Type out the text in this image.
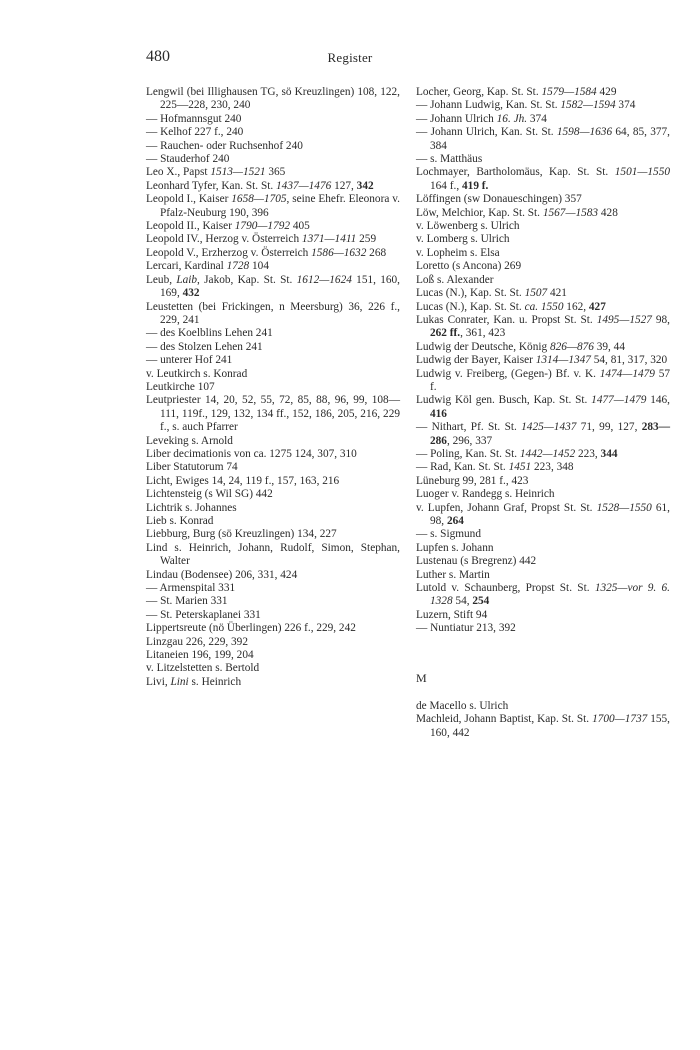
480	Register

Lengwil (bei Illighausen TG, sö Kreuzlingen) 108, 122, 225—228, 230, 240

— Hofmannsgut 240

— Kelhof 227 f., 240

— Rauchen- oder Ruchsenhof 240

— Stauderhof 240

Leo X., Papst 1513—1521 365

Leonhard Tyfer, Kan. St. St. 1437—1476 127, 342

Leopold I., Kaiser 1658—1705, seine Ehefr. Eleonora v. Pfalz-Neuburg 190, 396

Leopold II., Kaiser 1790—1792 405

Leopold IV., Herzog v. Österreich 1371—1411 259

Leopold V., Erzherzog v. Österreich 1586—1632 268

Lercari, Kardinal 1728 104

Leub, Laib, Jakob, Kap. St. St. 1612—1624 151, 160, 169, 432

Leustetten (bei Frickingen, n Meersburg) 36, 226 f., 229, 241

— des Koelblins Lehen 241

— des Stolzen Lehen 241

— unterer Hof 241

v. Leutkirch s. Konrad

Leutkirche 107

Leutpriester 14, 20, 52, 55, 72, 85, 88, 96, 99, 108—111, 119f., 129, 132, 134 ff., 152, 186, 205, 216, 229 f., s. auch Pfarrer

Leveking s. Arnold

Liber decimationis von ca. 1275 124, 307, 310

Liber Statutorum 74

Licht, Ewiges 14, 24, 119 f., 157, 163, 216

Lichtensteig (s Wil SG) 442

Lichtrik s. Johannes

Lieb s. Konrad

Liebburg, Burg (sö Kreuzlingen) 134, 227

Lind s. Heinrich, Johann, Rudolf, Simon, Stephan, Walter

Lindau (Bodensee) 206, 331, 424

— Armenspital 331

— St. Marien 331

— St. Peterskaplanei 331

Lippertsreute (nö Überlingen) 226 f., 229, 242

Linzgau 226, 229, 392

Litaneien 196, 199, 204

v. Litzelstetten s. Bertold

Livi, Lini s. Heinrich

Locher, Georg, Kap. St. St. 1579—1584 429

— Johann Ludwig, Kan. St. St. 1582—1594 374

— Johann Ulrich 16. Jh. 374

— Johann Ulrich, Kan. St. St. 1598—1636 64, 85, 377, 384

— s. Matthäus

Lochmayer, Bartholomäus, Kap. St. St. 1501—1550 164 f., 419 f.

Löffingen (sw Donaueschingen) 357

Löw, Melchior, Kap. St. St. 1567—1583 428

v. Löwenberg s. Ulrich

v. Lomberg s. Ulrich

v. Lopheim s. Elsa

Loretto (s Ancona) 269

Loß s. Alexander

Lucas (N.), Kap. St. St. 1507 421

Lucas (N.), Kap. St. St. ca. 1550 162, 427

Lukas Conrater, Kan. u. Propst St. St. 1495—1527 98, 262 ff., 361, 423

Ludwig der Deutsche, König 826—876 39, 44

Ludwig der Bayer, Kaiser 1314—1347 54, 81, 317, 320

Ludwig v. Freiberg, (Gegen-) Bf. v. K. 1474—1479 57 f.

Ludwig Köl gen. Busch, Kap. St. St. 1477—1479 146, 416

— Nithart, Pf. St. St. 1425—1437 71, 99, 127, 283—286, 296, 337

— Poling, Kan. St. St. 1442—1452 223, 344

— Rad, Kan. St. St. 1451 223, 348

Lüneburg 99, 281 f., 423

Luoger v. Randegg s. Heinrich

v. Lupfen, Johann Graf, Propst St. St. 1528—1550 61, 98, 264

— s. Sigmund

Lupfen s. Johann

Lustenau (s Bregrenz) 442

Luther s. Martin

Lutold v. Schaunberg, Propst St. St. 1325—vor 9. 6. 1328 54, 254

Luzern, Stift 94

— Nuntiatur 213, 392

M

de Macello s. Ulrich

Machleid, Johann Baptist, Kap. St. St. 1700—1737 155, 160, 442
